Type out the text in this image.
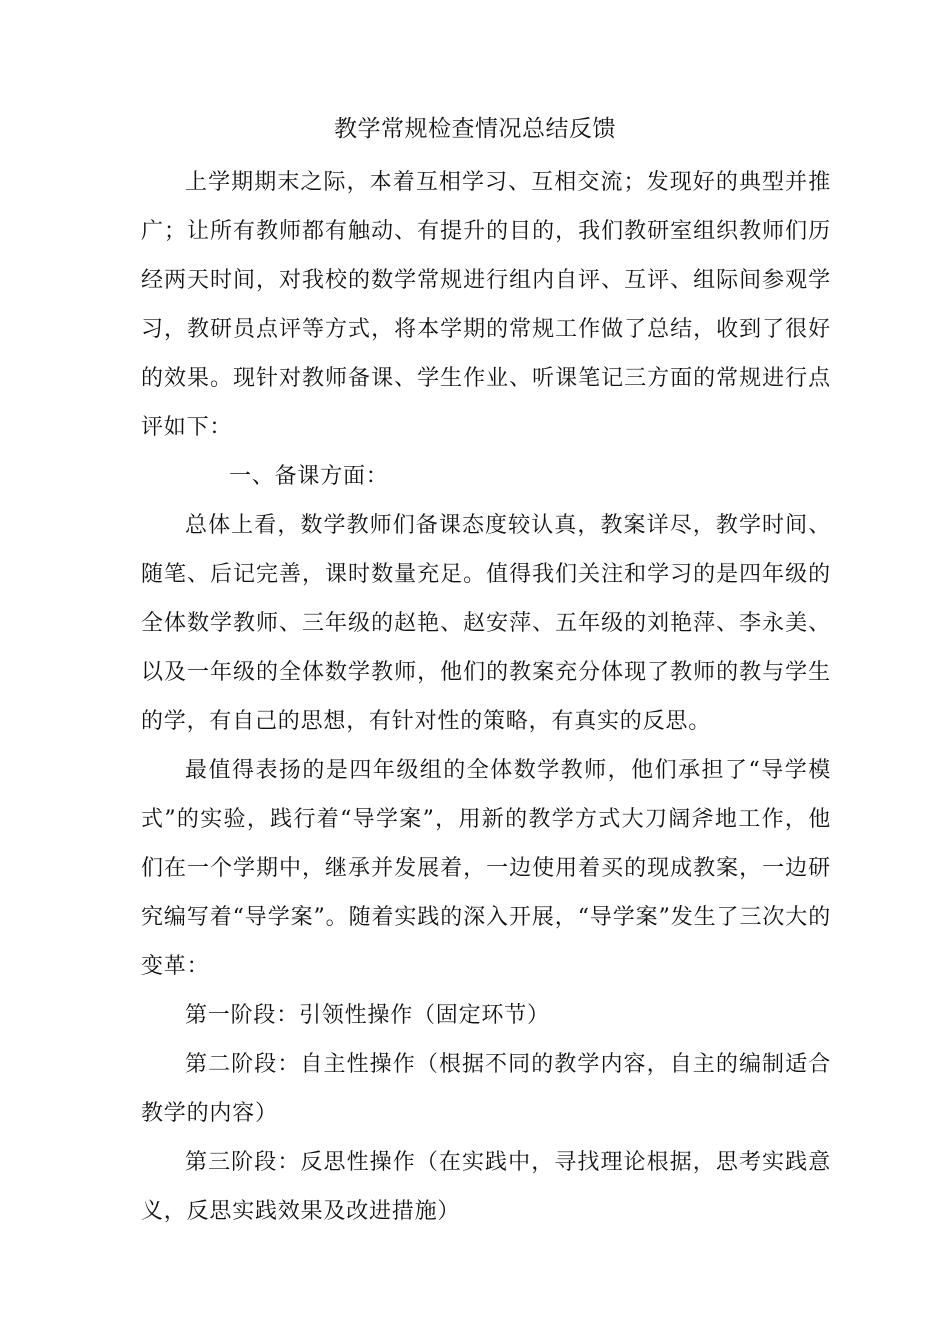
教学常规检查情况总结反馈

上学期期末之际，本着互相学习、互相交流；发现好的典型并推广；让所有教师都有触动、有提升的目的，我们教研室组织教师们历经两天时间，对我校的数学常规进行组内自评、互评、组际间参观学习，教研员点评等方式，将本学期的常规工作做了总结，收到了很好的效果。现针对教师备课、学生作业、听课笔记三方面的常规进行点评如下：

一、备课方面：

总体上看，数学教师们备课态度较认真，教案详尽，教学时间、随笔、后记完善，课时数量充足。值得我们关注和学习的是四年级的全体数学教师、三年级的赵艳、赵安萍、五年级的刘艳萍、李永美、以及一年级的全体数学教师，他们的教案充分体现了教师的教与学生的学，有自己的思想，有针对性的策略，有真实的反思。

最值得表扬的是四年级组的全体数学教师，他们承担了“导学模式”的实验，践行着“导学案”，用新的教学方式大刀阔斧地工作，他们在一个学期中，继承并发展着，一边使用着买的现成教案，一边研究编写着“导学案”。随着实践的深入开展，“导学案”发生了三次大的变革：

第一阶段：引领性操作（固定环节）

第二阶段：自主性操作（根据不同的教学内容，自主的编制适合教学的内容）

第三阶段：反思性操作（在实践中，寻找理论根据，思考实践意义，反思实践效果及改进措施）
